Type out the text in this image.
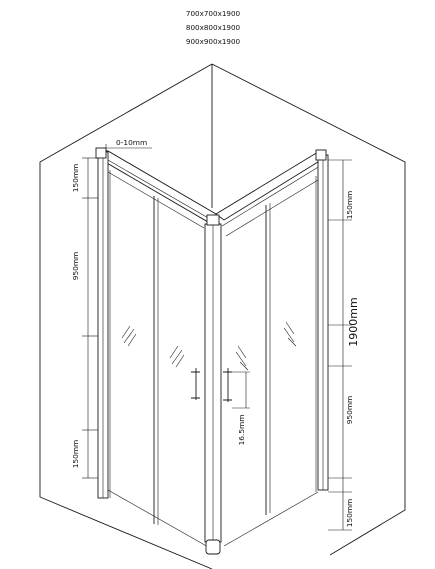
700x700x1900
800x800x1900
900x900x1900
0-10mm
150mm
950mm
150mm
150mm
1900mm
950mm
150mm
16.5mm
